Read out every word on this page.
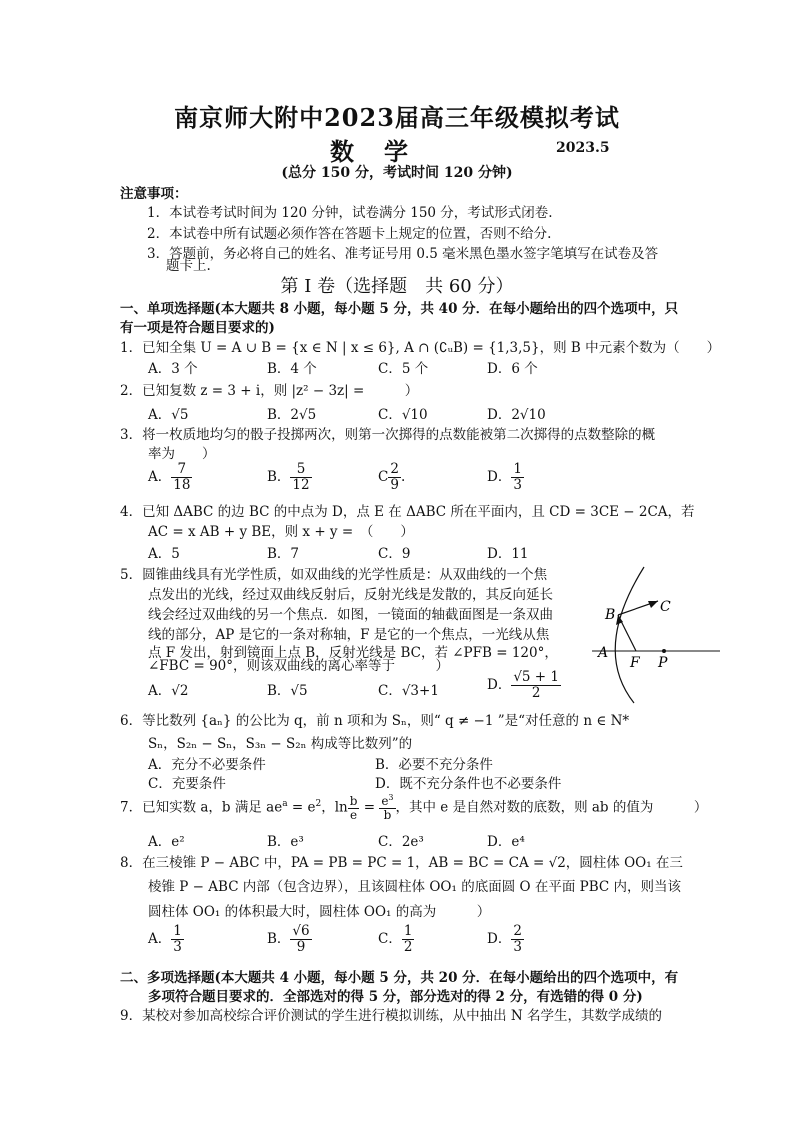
南京师大附中2023届高三年级模拟考试
数学	2023.5
(总分 150 分，考试时间 120 分钟)
注意事项：
1．本试卷考试时间为 120 分钟，试卷满分 150 分，考试形式闭卷.
2．本试卷中所有试题必须作答在答题卡上规定的位置，否则不给分.
3．答题前，务必将自己的姓名、准考证号用 0.5 毫米黑色墨水签字笔填写在试卷及答
题卡上.
第 I 卷（选择题　共 60 分）
一、单项选择题(本大题共 8 小题，每小题 5 分，共 40 分．在每小题给出的四个选项中，只
有一项是符合题目要求的)
1．已知全集 U = A ∪ B = {x ∈ N | x ≤ 6}, A ∩ (∁ᵤB) = {1,3,5}，则 B 中元素个数为（　　）
A．3 个	B．4 个	C．5 个	D．6 个
2．已知复数 z = 3 + i，则 |z² − 3z| =　　　）
A．√5	B．2√5	C．√10	D．2√10
3．将一枚质地均匀的骰子投掷两次，则第一次掷得的点数能被第二次掷得的点数整除的概
率为　　）
A． $\frac{7}{18}$	B． $\frac{5}{12}$	C $\frac{2}{9}$ .	D． $\frac{1}{3}$
4．已知 ΔABC 的边 BC 的中点为 D，点 E 在 ΔABC 所在平面内，且 CD = 3CE − 2CA，若
AC = x AB + y BE，则 x + y =　（　　）
A．5	B．7	C．9	D．11
5．圆锥曲线具有光学性质，如双曲线的光学性质是：从双曲线的一个焦
点发出的光线，经过双曲线反射后，反射光线是发散的，其反向延长
线会经过双曲线的另一个焦点．如图，一镜面的轴截面图是一条双曲
线的部分，AP 是它的一条对称轴，F 是它的一个焦点，一光线从焦
点 F 发出，射到镜面上点 B，反射光线是 BC，若 ∠PFB = 120°，
∠FBC = 90°，则该双曲线的离心率等于　　　）
A．√2	B．√5	C．√3+1	D． $\frac{√5 + 1}{2}$
B	C
A
F P
6．等比数列 {aₙ} 的公比为 q，前 n 项和为 Sₙ，则“ q ≠ −1 ”是“对任意的 n ∈ N*
Sₙ，S₂ₙ − Sₙ，S₃ₙ − S₂ₙ 构成等比数列”的
A．充分不必要条件	B．必要不充分条件
C．充要条件	D．既不充分条件也不必要条件
7．已知实数 a，b 满足 $ae^a = e^2$，$\ln \frac{b}{e} = \frac{e^3}{b}$ ，其中 e 是自然对数的底数，则 ab 的值为　　　）
A．e²	B．e³	C．2e³	D．e⁴
8．在三棱锥 P − ABC 中，PA = PB = PC = 1，AB = BC = CA = √2，圆柱体 OO₁ 在三
棱锥 P − ABC 内部（包含边界），且该圆柱体 OO₁ 的底面圆 O 在平面 PBC 内，则当该
圆柱体 OO₁ 的体积最大时，圆柱体 OO₁ 的高为　　　）
A． $\frac{1}{3}$	B． $\frac{√6}{9}$	C． $\frac{1}{2}$	D． $\frac{2}{3}$
二、多项选择题(本大题共 4 小题，每小题 5 分，共 20 分．在每小题给出的四个选项中，有
多项符合题目要求的．全部选对的得 5 分，部分选对的得 2 分，有选错的得 0 分)
9．某校对参加高校综合评价测试的学生进行模拟训练，从中抽出 N 名学生，其数学成绩的
